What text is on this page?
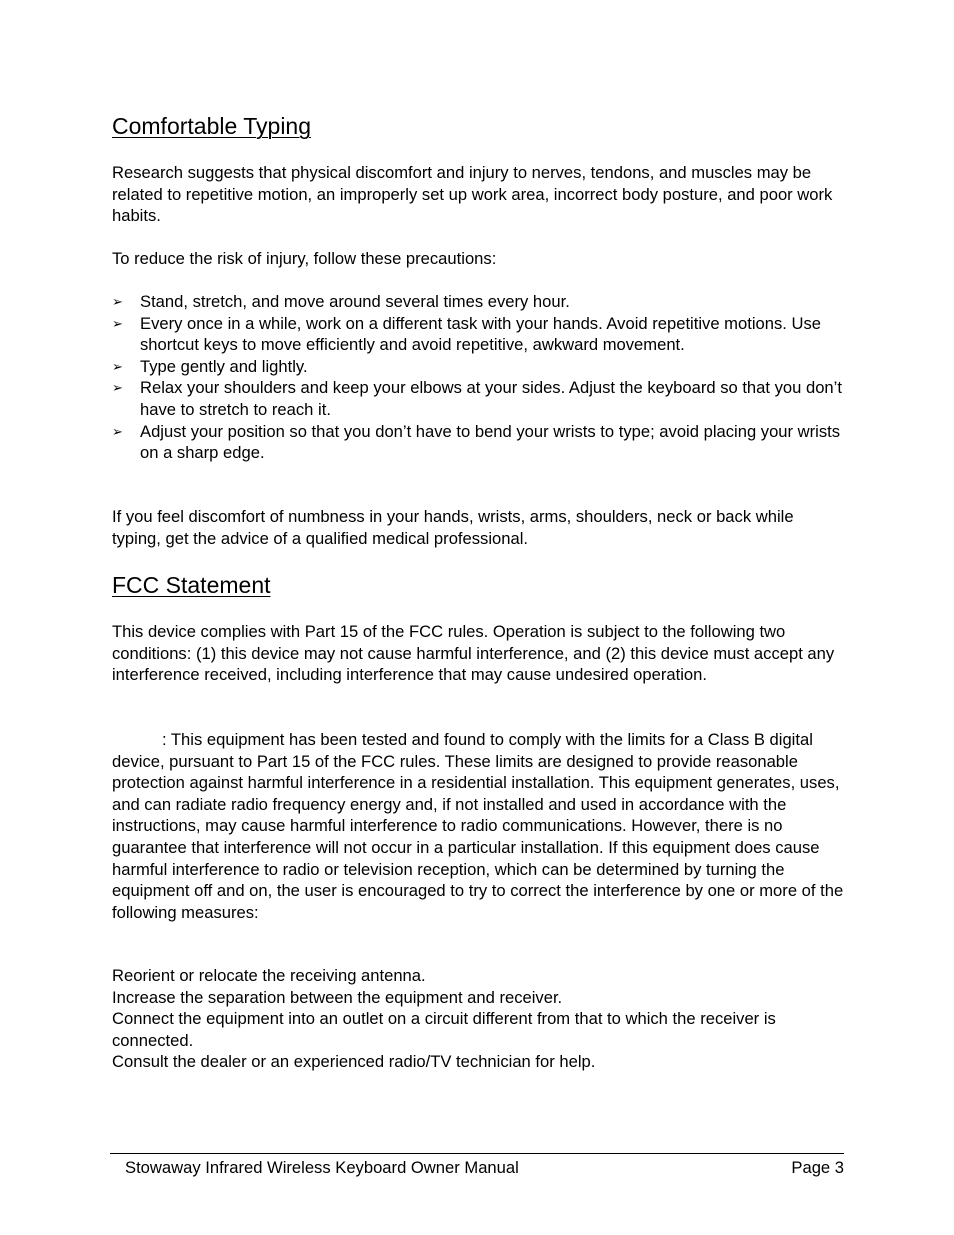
Comfortable Typing

Research suggests that physical discomfort and injury to nerves, tendons, and muscles may be related to repetitive motion, an improperly set up work area, incorrect body posture, and poor work habits.

To reduce the risk of injury, follow these precautions:

➢ Stand, stretch, and move around several times every hour.
➢ Every once in a while, work on a different task with your hands. Avoid repetitive motions. Use shortcut keys to move efficiently and avoid repetitive, awkward movement.
➢ Type gently and lightly.
➢ Relax your shoulders and keep your elbows at your sides. Adjust the keyboard so that you don’t have to stretch to reach it.
➢ Adjust your position so that you don’t have to bend your wrists to type; avoid placing your wrists on a sharp edge.

If you feel discomfort of numbness in your hands, wrists, arms, shoulders, neck or back while typing, get the advice of a qualified medical professional.

FCC Statement

This device complies with Part 15 of the FCC rules. Operation is subject to the following two conditions: (1) this device may not cause harmful interference, and (2) this device must accept any interference received, including interference that may cause undesired operation.

: This equipment has been tested and found to comply with the limits for a Class B digital device, pursuant to Part 15 of the FCC rules. These limits are designed to provide reasonable protection against harmful interference in a residential installation. This equipment generates, uses, and can radiate radio frequency energy and, if not installed and used in accordance with the instructions, may cause harmful interference to radio communications. However, there is no guarantee that interference will not occur in a particular installation. If this equipment does cause harmful interference to radio or television reception, which can be determined by turning the equipment off and on, the user is encouraged to try to correct the interference by one or more of the following measures:

Reorient or relocate the receiving antenna.

Increase the separation between the equipment and receiver.

Connect the equipment into an outlet on a circuit different from that to which the receiver is connected.

Consult the dealer or an experienced radio/TV technician for help.

Stowaway Infrared Wireless Keyboard Owner Manual	Page 3
